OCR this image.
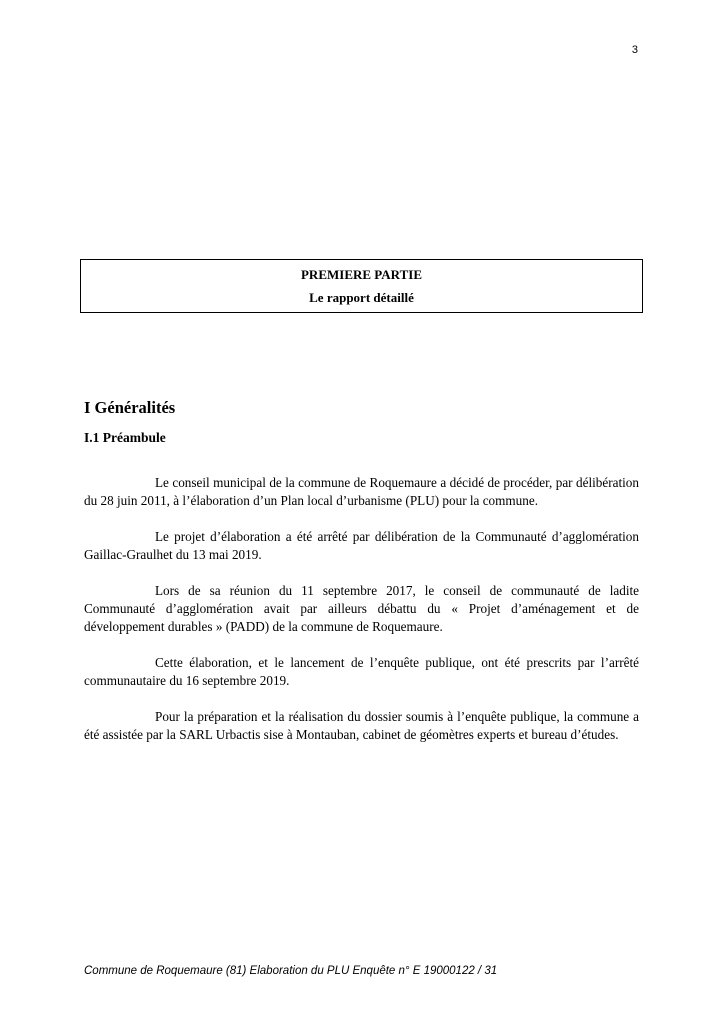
3
PREMIERE PARTIE
Le rapport détaillé
I Généralités
I.1 Préambule

Le conseil municipal de la commune de Roquemaure a décidé de procéder, par délibération du 28 juin 2011, à l’élaboration d’un Plan local d’urbanisme (PLU) pour la commune.

Le projet d’élaboration a été arrêté par délibération de la Communauté d’agglomération Gaillac-Graulhet du 13 mai 2019.

Lors de sa réunion du 11 septembre 2017, le conseil de communauté de ladite Communauté d’agglomération avait par ailleurs débattu du « Projet d’aménagement et de développement durables » (PADD) de la commune de Roquemaure.

Cette élaboration, et le lancement de l’enquête publique, ont été prescrits par l’arrêté communautaire du 16 septembre 2019.

Pour la préparation et la réalisation du dossier soumis à l’enquête publique, la commune a été assistée par la SARL Urbactis sise à Montauban, cabinet de géomètres experts et bureau d’études.

Commune de Roquemaure (81) Elaboration du PLU Enquête n° E 19000122 / 31
